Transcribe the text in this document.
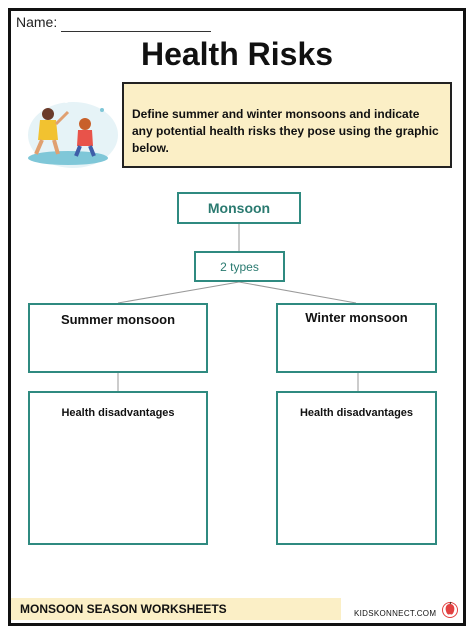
Name:
Health Risks
Define summer and winter monsoons and indicate any potential health risks they pose using the graphic below.
Monsoon
2 types
Summer monsoon	Winter monsoon
Health disadvantages	Health disadvantages
MONSOON SEASON WORKSHEETS	KIDSKONNECT.COM
